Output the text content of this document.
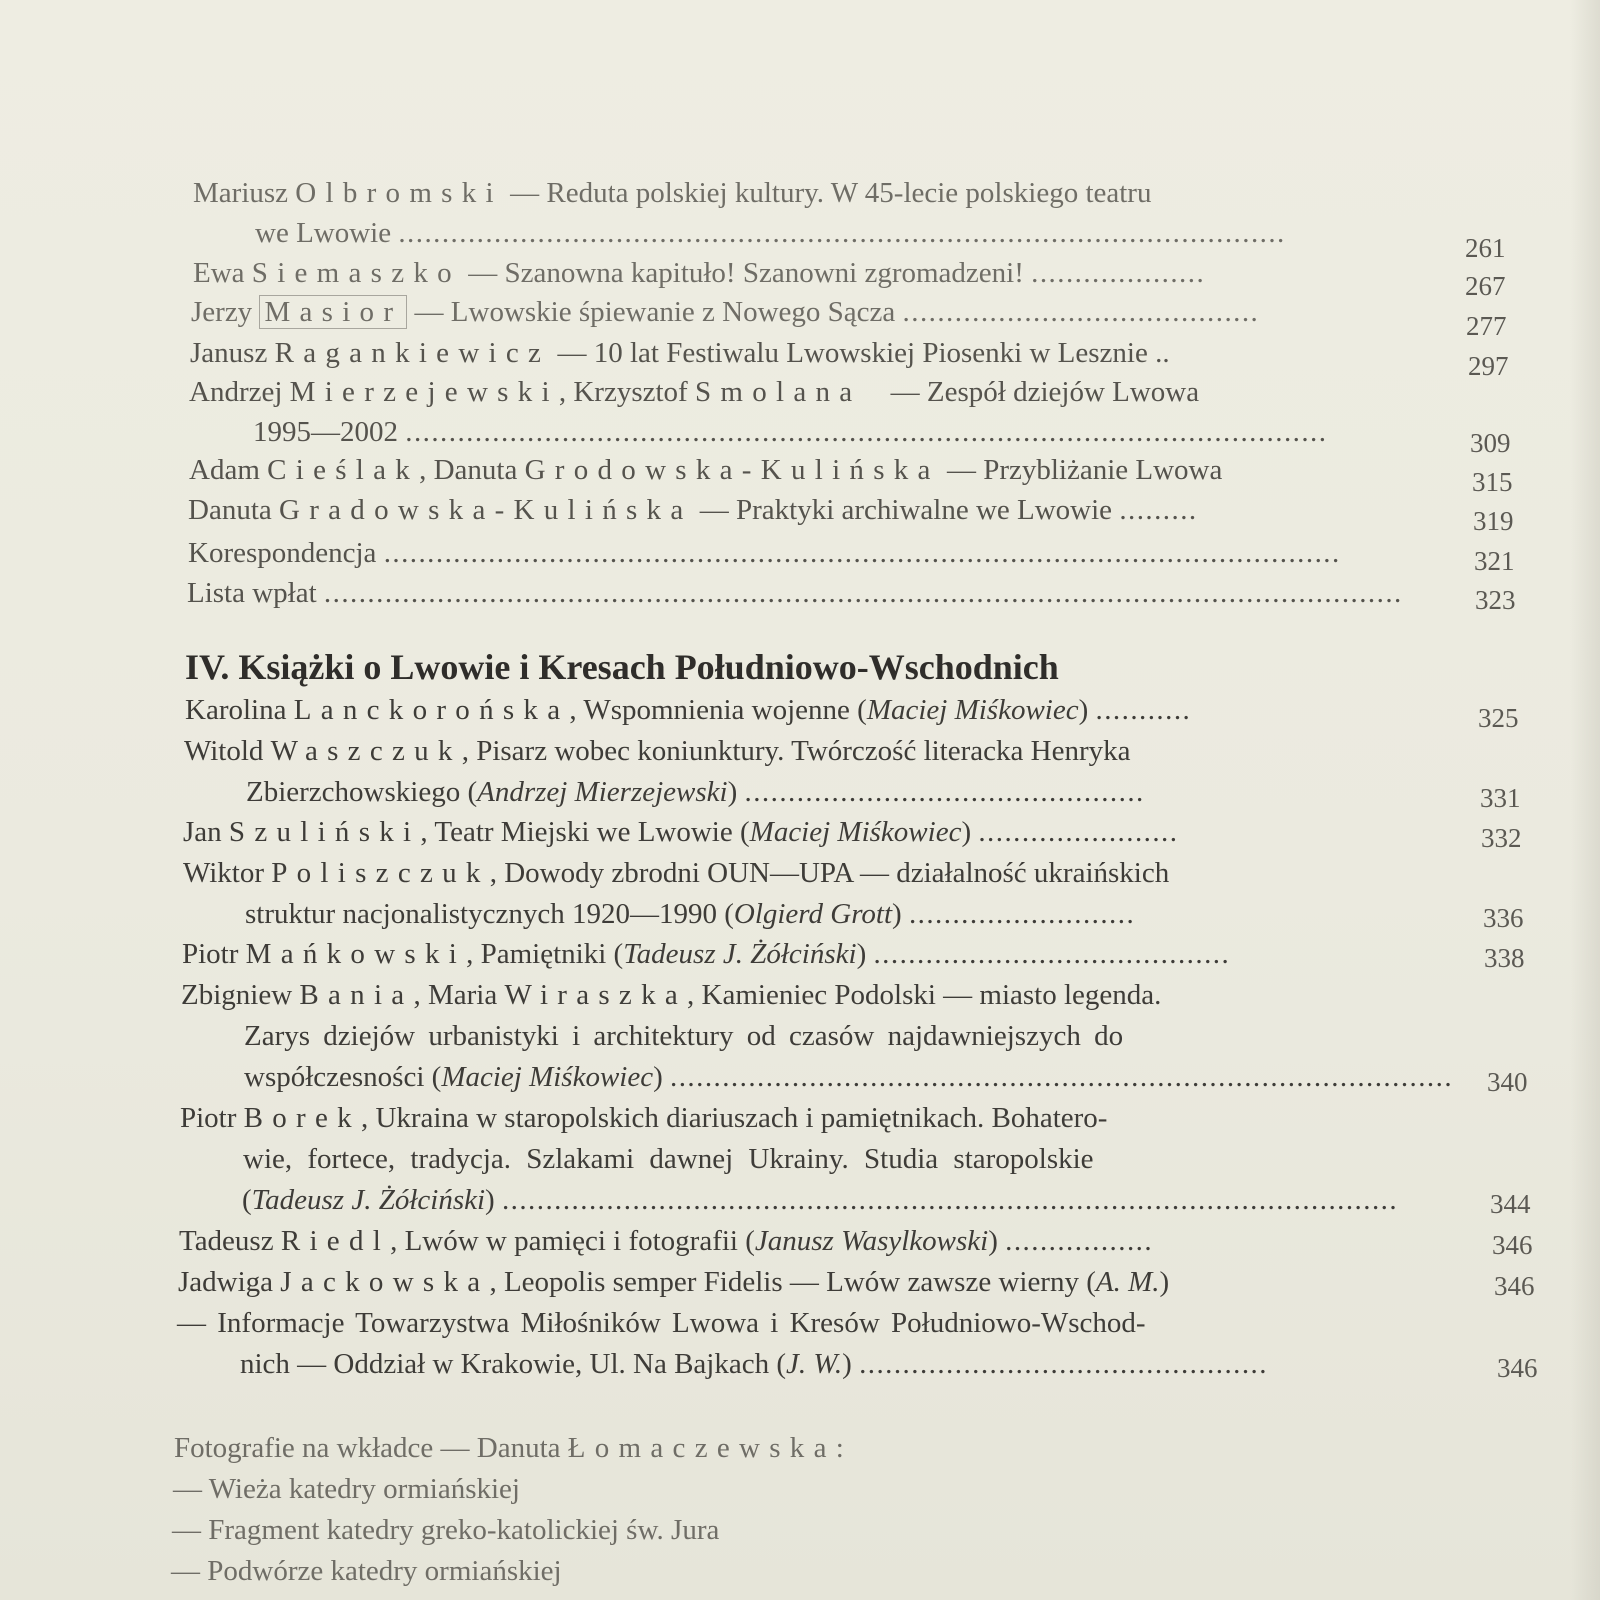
Mariusz Olbromski — Reduta polskiej kultury. W 45-lecie polskiego teatru
we Lwowie ......................................................................................................	261
Ewa Siemaszko — Szanowna kapituło! Szanowni zgromadzeni! ....................	267
Jerzy Masior — Lwowskie śpiewanie z Nowego Sącza .........................................	277
Janusz Ragankiewicz — 10 lat Festiwalu Lwowskiej Piosenki w Lesznie ..	297
Andrzej Mierzejewski, Krzysztof Smolana — Zespół dziejów Lwowa
1995—2002 ..........................................................................................................	309
Adam Cieślak, Danuta Grodowska-Kulińska — Przybliżanie Lwowa	315
Danuta Gradowska-Kulińska — Praktyki archiwalne we Lwowie .........	319
Korespondencja ..............................................................................................................	321
Lista wpłat ............................................................................................................................	323
IV. Książki o Lwowie i Kresach Południowo-Wschodnich
Karolina Lanckorońska, Wspomnienia wojenne (Maciej Miśkowiec) ...........	325
Witold Waszczuk, Pisarz wobec koniunktury. Twórczość literacka Henryka
Zbierzchowskiego (Andrzej Mierzejewski) ..............................................	331
Jan Szuliński, Teatr Miejski we Lwowie (Maciej Miśkowiec) .......................	332
Wiktor Poliszczuk, Dowody zbrodni OUN—UPA — działalność ukraińskich
struktur nacjonalistycznych 1920—1990 (Olgierd Grott) ..........................	336
Piotr Mańkowski, Pamiętniki (Tadeusz J. Żółciński) .........................................	338
Zbigniew Bania, Maria Wiraszka, Kamieniec Podolski — miasto legenda.
Zarys dziejów urbanistyki i architektury od czasów najdawniejszych do
współczesności (Maciej Miśkowiec) .......................................................................................... 340
Piotr Borek, Ukraina w staropolskich diariuszach i pamiętnikach. Bohatero-
wie, fortece, tradycja. Szlakami dawnej Ukrainy. Studia staropolskie
(Tadeusz J. Żółciński) .......................................................................................................	344
Tadeusz Riedl, Lwów w pamięci i fotografii (Janusz Wasylkowski) .................	346
Jadwiga Jackowska, Leopolis semper Fidelis — Lwów zawsze wierny (A. M.)	346
— Informacje Towarzystwa Miłośników Lwowa i Kresów Południowo-Wschod-
nich — Oddział w Krakowie, Ul. Na Bajkach (J. W.) ...............................................	346
Fotografie na wkładce — Danuta Łomaczewska:
— Wieża katedry ormiańskiej
— Fragment katedry greko-katolickiej św. Jura
— Podwórze katedry ormiańskiej
